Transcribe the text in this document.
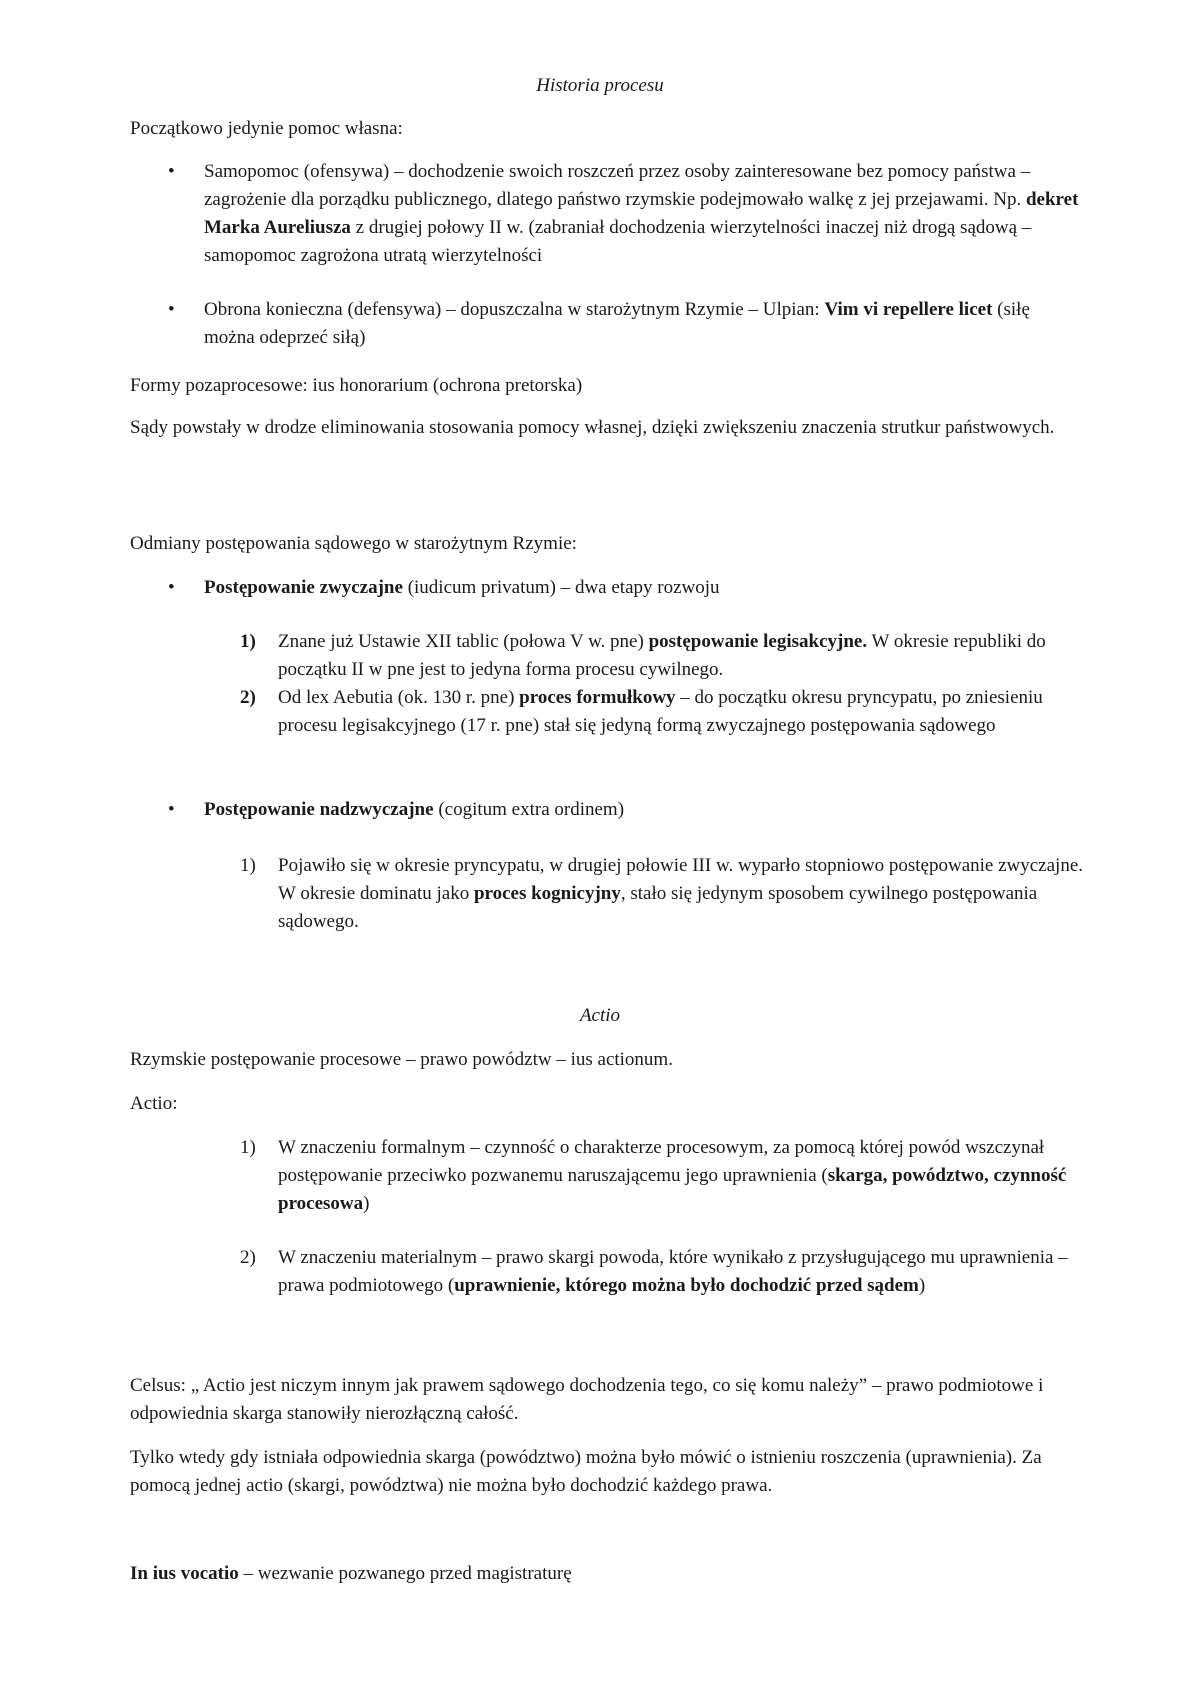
Historia procesu

Początkowo jedynie pomoc własna:

•

Samopomoc (ofensywa) – dochodzenie swoich roszczeń przez osoby zainteresowane bez pomocy państwa – zagrożenie dla porządku publicznego, dlatego państwo rzymskie podejmowało walkę z jej przejawami. Np. dekret Marka Aureliusza z drugiej połowy II w. (zabraniał dochodzenia wierzytelności inaczej niż drogą sądową – samopomoc zagrożona utratą wierzytelności

•

Obrona konieczna (defensywa) – dopuszczalna w starożytnym Rzymie – Ulpian: Vim vi repellere licet (siłę można odeprzeć siłą)

Formy pozaprocesowe: ius honorarium (ochrona pretorska)

Sądy powstały w drodze eliminowania stosowania pomocy własnej, dzięki zwiększeniu znaczenia strutkur państwowych.

Odmiany postępowania sądowego w starożytnym Rzymie:

•

Postępowanie zwyczajne (iudicum privatum) – dwa etapy rozwoju

1)	Znane już Ustawie XII tablic (połowa V w. pne) postępowanie legisakcyjne. W okresie republiki do początku II w pne jest to jedyna forma procesu cywilnego.

2)	Od lex Aebutia (ok. 130 r. pne) proces formułkowy – do początku okresu pryncypatu, po zniesieniu procesu legisakcyjnego (17 r. pne) stał się jedyną formą zwyczajnego postępowania sądowego

•

Postępowanie nadzwyczajne (cogitum extra ordinem)

1)	Pojawiło się w okresie pryncypatu, w drugiej połowie III w. wyparło stopniowo postępowanie zwyczajne. W okresie dominatu jako proces kognicyjny, stało się jedynym sposobem cywilnego postępowania sądowego.

Actio

Rzymskie postępowanie procesowe – prawo powództw – ius actionum.

Actio:

1)	W znaczeniu formalnym – czynność o charakterze procesowym, za pomocą której powód wszczynał postępowanie przeciwko pozwanemu naruszającemu jego uprawnienia (skarga, powództwo, czynność procesowa)

2)	W znaczeniu materialnym – prawo skargi powoda, które wynikało z przysługującego mu uprawnienia – prawa podmiotowego (uprawnienie, którego można było dochodzić przed sądem)

Celsus: „ Actio jest niczym innym jak prawem sądowego dochodzenia tego, co się komu należy” – prawo podmiotowe i odpowiednia skarga stanowiły nierozłączną całość.

Tylko wtedy gdy istniała odpowiednia skarga (powództwo) można było mówić o istnieniu roszczenia (uprawnienia). Za pomocą jednej actio (skargi, powództwa) nie można było dochodzić każdego prawa.

In ius vocatio – wezwanie pozwanego przed magistraturę
